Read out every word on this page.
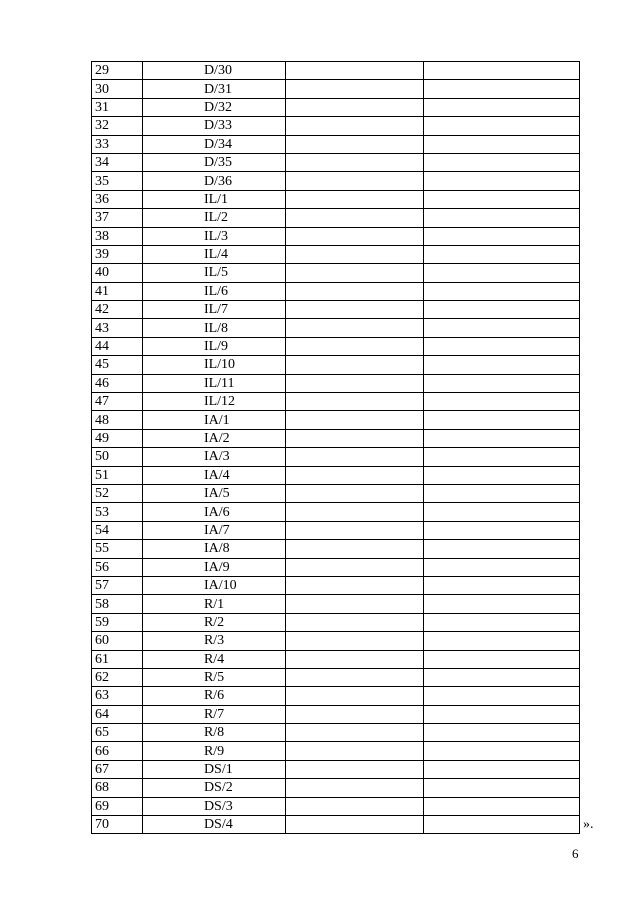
29	D/30		
30	D/31		
31	D/32		
32	D/33		
33	D/34		
34	D/35		
35	D/36		
36	IL/1		
37	IL/2		
38	IL/3		
39	IL/4		
40	IL/5		
41	IL/6		
42	IL/7		
43	IL/8		
44	IL/9		
45	IL/10		
46	IL/11		
47	IL/12		
48	IA/1		
49	IA/2		
50	IA/3		
51	IA/4		
52	IA/5		
53	IA/6		
54	IA/7		
55	IA/8		
56	IA/9		
57	IA/10		
58	R/1		
59	R/2		
60	R/3		
61	R/4		
62	R/5		
63	R/6		
64	R/7		
65	R/8		
66	R/9		
67	DS/1		
68	DS/2		
69	DS/3		
70	DS/4			».
6
